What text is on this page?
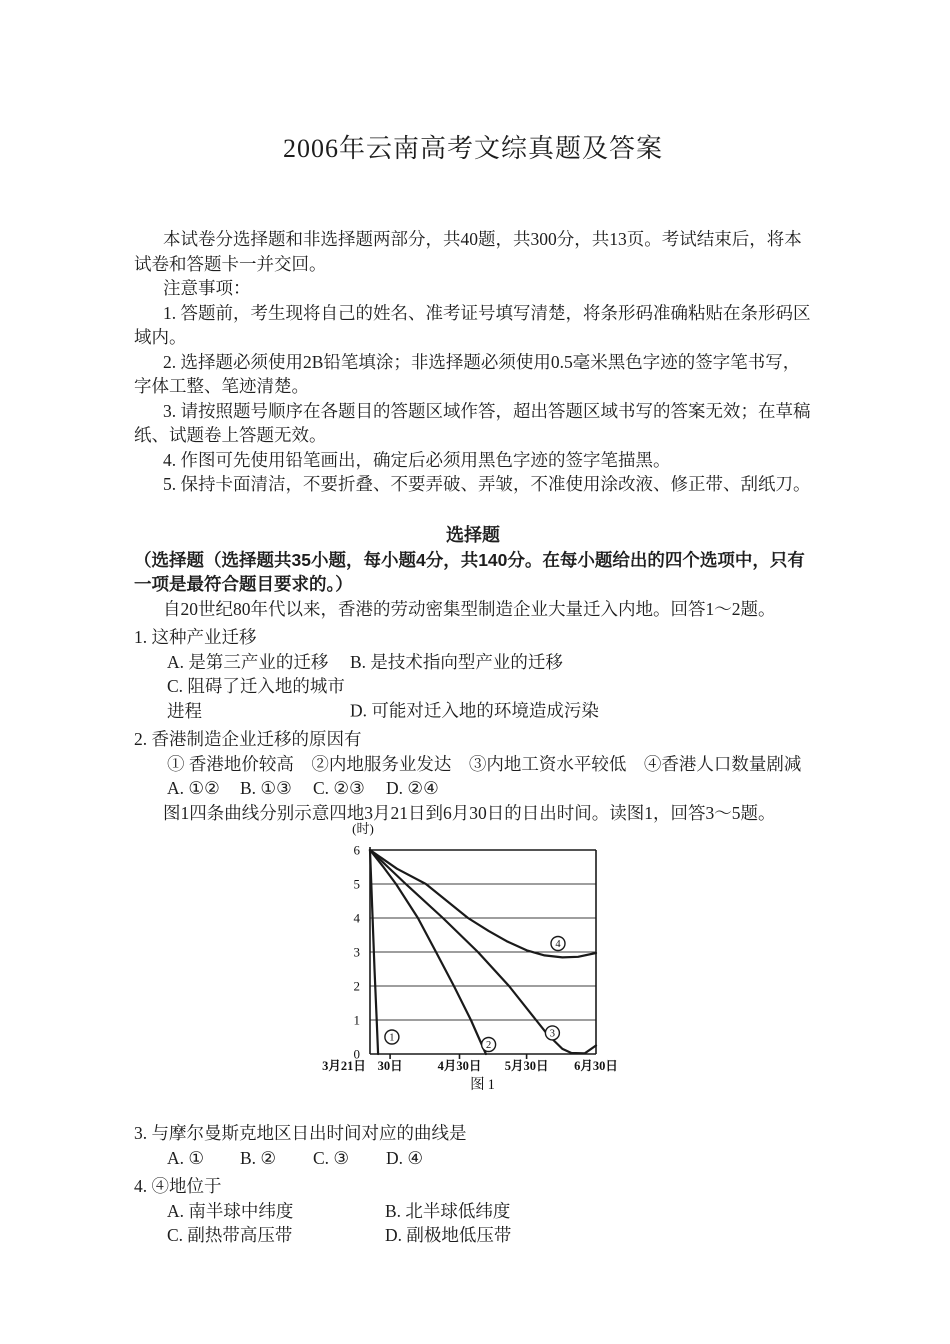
2006年云南高考文综真题及答案

本试卷分选择题和非选择题两部分，共40题，共300分，共13页。考试结束后，将本试卷和答题卡一并交回。

注意事项：

1. 答题前，考生现将自己的姓名、准考证号填写清楚，将条形码准确粘贴在条形码区域内。

2. 选择题必须使用2B铅笔填涂；非选择题必须使用0.5毫米黑色字迹的签字笔书写，字体工整、笔迹清楚。

3. 请按照题号顺序在各题目的答题区域作答，超出答题区域书写的答案无效；在草稿纸、试题卷上答题无效。

4. 作图可先使用铅笔画出，确定后必须用黑色字迹的签字笔描黑。

5. 保持卡面清洁，不要折叠、不要弄破、弄皱，不准使用涂改液、修正带、刮纸刀。

选择题

（选择题（选择题共35小题，每小题4分，共140分。在每小题给出的四个选项中，只有一项是最符合题目要求的。）

自20世纪80年代以来，香港的劳动密集型制造企业大量迁入内地。回答1～2题。

1. 这种产业迁移

A. 是第三产业的迁移 B. 是技术指向型产业的迁移
C. 阻碍了迁入地的城市进程	D. 可能对迁入地的环境造成污染

2. 香港制造企业迁移的原因有

① 香港地价较高　②内地服务业发达　③内地工资水平较低　④香港人口数量剧减

A. ①② B. ①③ C. ②③ D. ②④

图1四条曲线分别示意四地3月21日到6月30日的日出时间。读图1，回答3～5题。

3月21日 30日	4月30日 5月30日 6月30日
0
1
2
3
4
5
6
(时)
1
2
3
4
图1

3. 与摩尔曼斯克地区日出时间对应的曲线是

A. ① B. ② C. ③ D. ④

4. ④地位于

A. 南半球中纬度	B. 北半球低纬度
C. 副热带高压带	D. 副极地低压带
